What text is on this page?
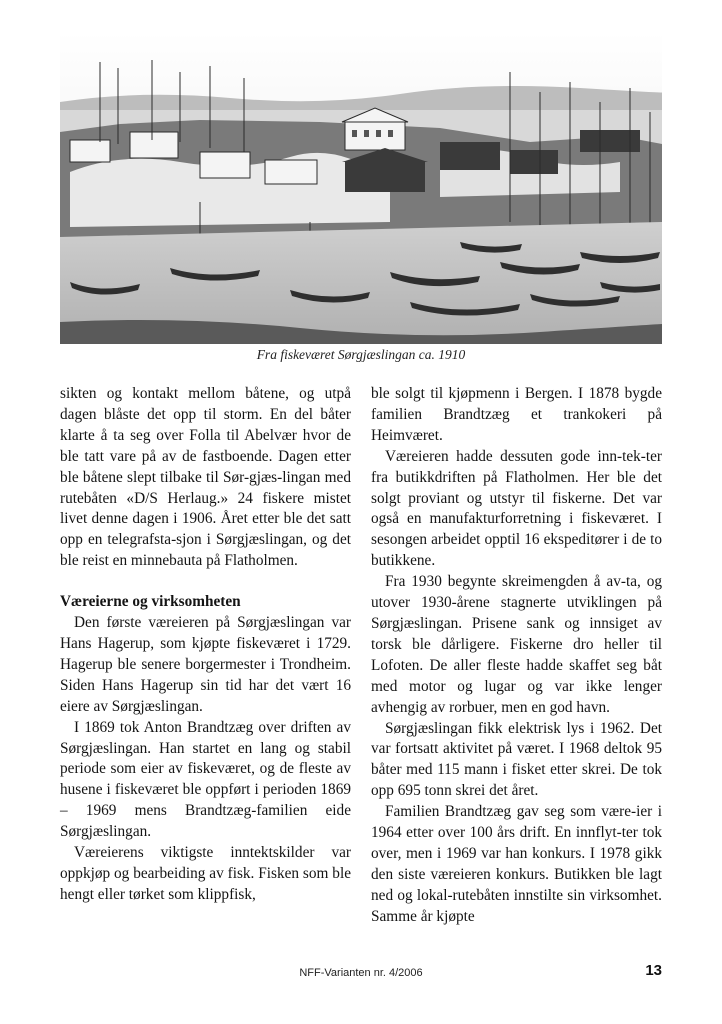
Fra fiskeværet Sørgjæslingan ca. 1910

sikten og kontakt mellom båtene, og utpå dagen blåste det opp til storm. En del båter klarte å ta seg over Folla til Abelvær hvor de ble tatt vare på av de fastboende. Dagen etter ble båtene slept tilbake til Sør-gjæs-lingan med rutebåten «D/S Herlaug.» 24 fiskere mistet livet denne dagen i 1906. Året etter ble det satt opp en telegrafsta-sjon i Sørgjæslingan, og det ble reist en minnebauta på Flatholmen.

Væreierne og virksomheten

Den første væreieren på Sørgjæslingan var Hans Hagerup, som kjøpte fiskeværet i 1729. Hagerup ble senere borgermester i Trondheim. Siden Hans Hagerup sin tid har det vært 16 eiere av Sørgjæslingan.

I 1869 tok Anton Brandtzæg over driften av Sørgjæslingan. Han startet en lang og stabil periode som eier av fiskeværet, og de fleste av husene i fiskeværet ble oppført i perioden 1869 – 1969 mens Brandtzæg-familien eide Sørgjæslingan.

Væreierens viktigste inntektskilder var oppkjøp og bearbeiding av fisk. Fisken som ble hengt eller tørket som klippfisk,

ble solgt til kjøpmenn i Bergen. I 1878 bygde familien Brandtzæg et trankokeri på Heimværet.

Væreieren hadde dessuten gode inn-tek-ter fra butikkdriften på Flatholmen. Her ble det solgt proviant og utstyr til fiskerne. Det var også en manufakturforretning i fiskeværet. I sesongen arbeidet opptil 16 ekspeditører i de to butikkene.

Fra 1930 begynte skreimengden å av-ta, og utover 1930-årene stagnerte utviklingen på Sørgjæslingan. Prisene sank og innsiget av torsk ble dårligere. Fiskerne dro heller til Lofoten. De aller fleste hadde skaffet seg båt med motor og lugar og var ikke lenger avhengig av rorbuer, men en god havn.

Sørgjæslingan fikk elektrisk lys i 1962. Det var fortsatt aktivitet på været. I 1968 deltok 95 båter med 115 mann i fisket etter skrei. De tok opp 695 tonn skrei det året.

Familien Brandtzæg gav seg som være-ier i 1964 etter over 100 års drift. En innflyt-ter tok over, men i 1969 var han konkurs. I 1978 gikk den siste væreieren konkurs. Butikken ble lagt ned og lokal-rutebåten innstilte sin virksomhet. Samme år kjøpte

NFF-Varianten nr. 4/2006	13
